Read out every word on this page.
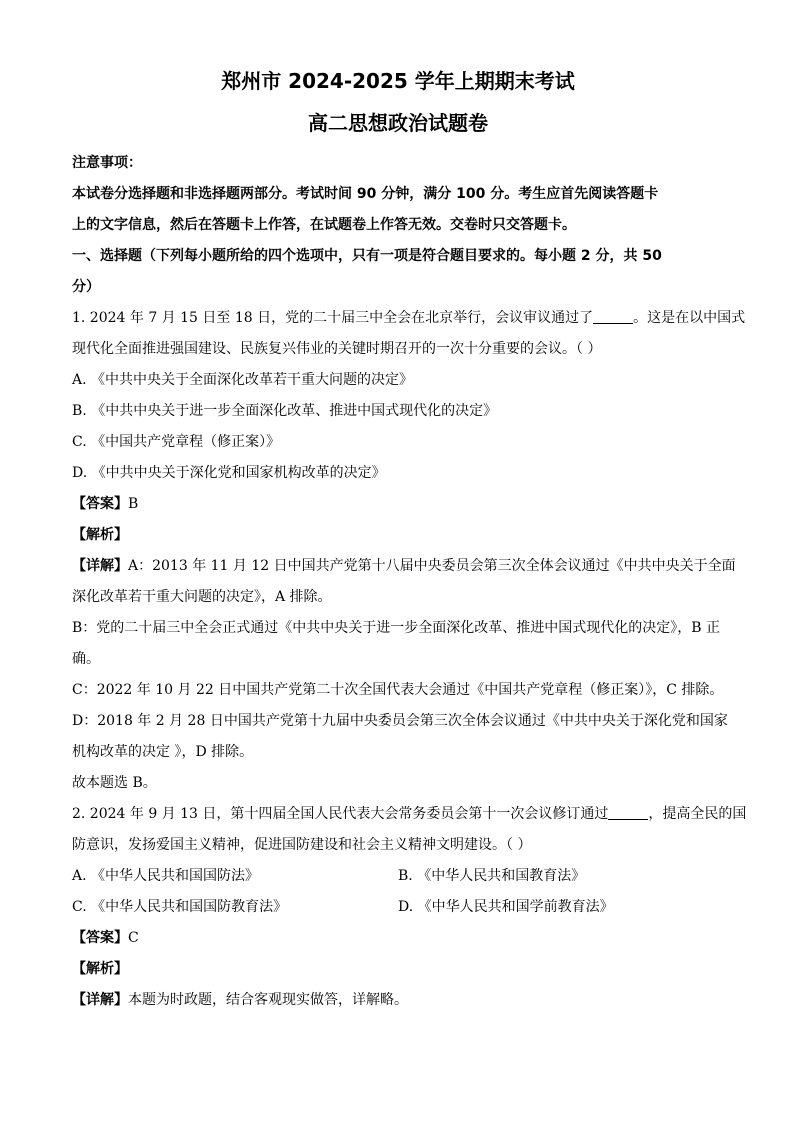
郑州市 2024-2025 学年上期期末考试

高二思想政治试题卷

注意事项：

本试卷分选择题和非选择题两部分。考试时间 90 分钟，满分 100 分。考生应首先阅读答题卡

上的文字信息，然后在答题卡上作答，在试题卷上作答无效。交卷时只交答题卡。

一、选择题（下列每小题所给的四个选项中，只有一项是符合题目要求的。每小题 2 分，共 50

分）

1. 2024 年 7 月 15 日至 18 日，党的二十届三中全会在北京举行，会议审议通过了	。这是在以中国式

现代化全面推进强国建设、民族复兴伟业的关键时期召开的一次十分重要的会议。（ ）

A. 《中共中央关于全面深化改革若干重大问题的决定》

B. 《中共中央关于进一步全面深化改革、推进中国式现代化的决定》

C. 《中国共产党章程（修正案）》

D. 《中共中央关于深化党和国家机构改革的决定》

【答案】B

【解析】

【详解】A：2013 年 11 月 12 日中国共产党第十八届中央委员会第三次全体会议通过《中共中央关于全面

深化改革若干重大问题的决定》，A 排除。

B：党的二十届三中全会正式通过《中共中央关于进一步全面深化改革、推进中国式现代化的决定》，B 正

确。

C：2022 年 10 月 22 日中国共产党第二十次全国代表大会通过《中国共产党章程（修正案）》，C 排除。

D：2018 年 2 月 28 日中国共产党第十九届中央委员会第三次全体会议通过《中共中央关于深化党和国家

机构改革的决定 》，D 排除。

故本题选 B。

2. 2024 年 9 月 13 日，第十四届全国人民代表大会常务委员会第十一次会议修订通过	，提高全民的国

防意识，发扬爱国主义精神，促进国防建设和社会主义精神文明建设。（ ）

A. 《中华人民共和国国防法》	B. 《中华人民共和国教育法》
C. 《中华人民共和国国防教育法》	D. 《中华人民共和国学前教育法》

【答案】C

【解析】

【详解】本题为时政题，结合客观现实做答，详解略。
